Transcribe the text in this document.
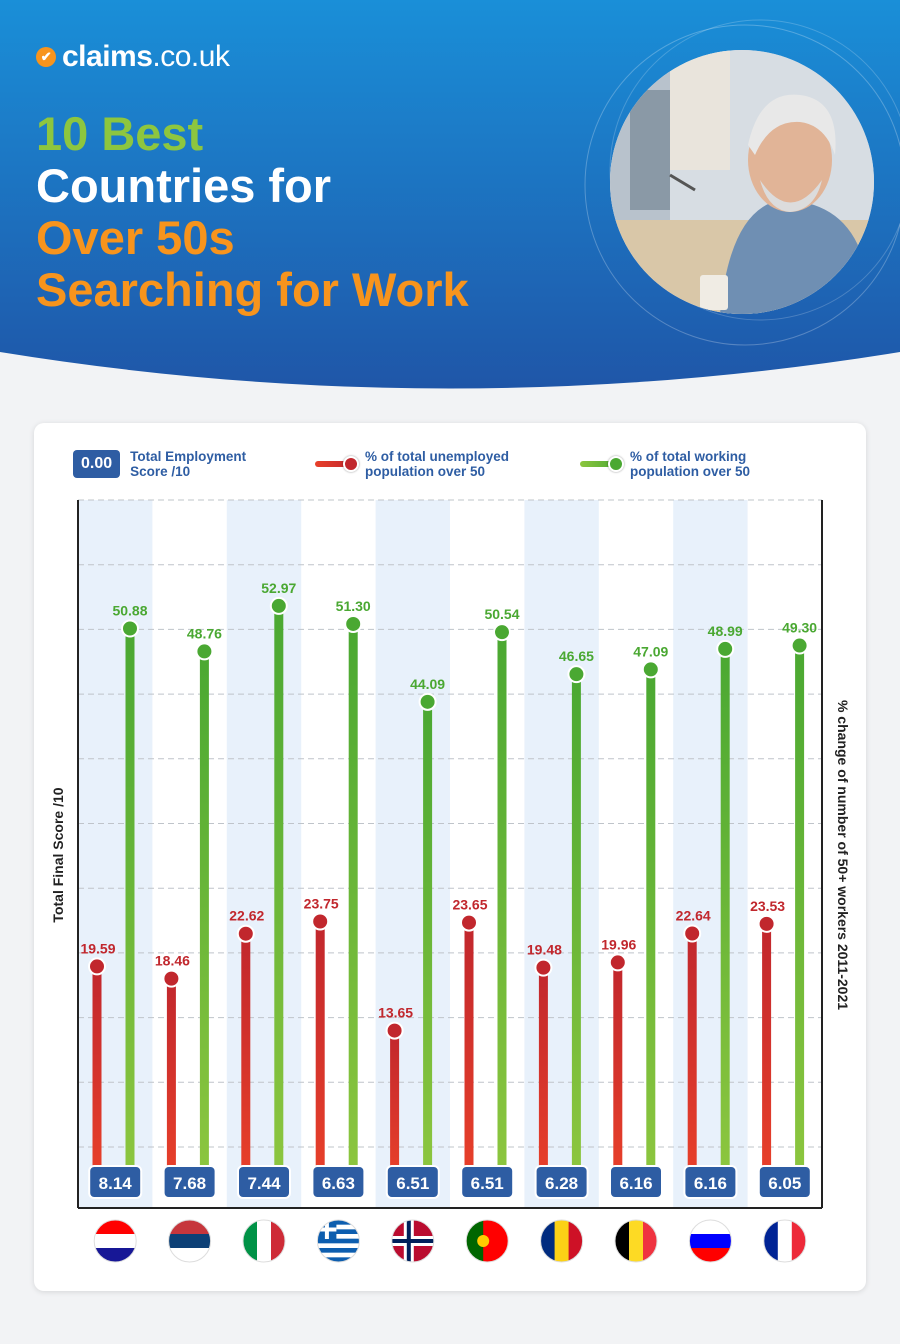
✔ claims .co.uk
10 Best
Countries for
Over 50s
Searching for Work
0.00	Total Employment Score /10
% of total unemployed population over 50
% of total working population over 50
Total Final Score /10	% change of number of 50+ workers 2011-2021
19.59
50.88
8.14
18.46
48.76
7.68
22.62
52.97
7.44
23.75
51.30
6.63
13.65
44.09
6.51
23.65
50.54
6.51
19.48
46.65
6.28
19.96
47.09
6.16
22.64
48.99
6.16
23.53
49.30
6.05
